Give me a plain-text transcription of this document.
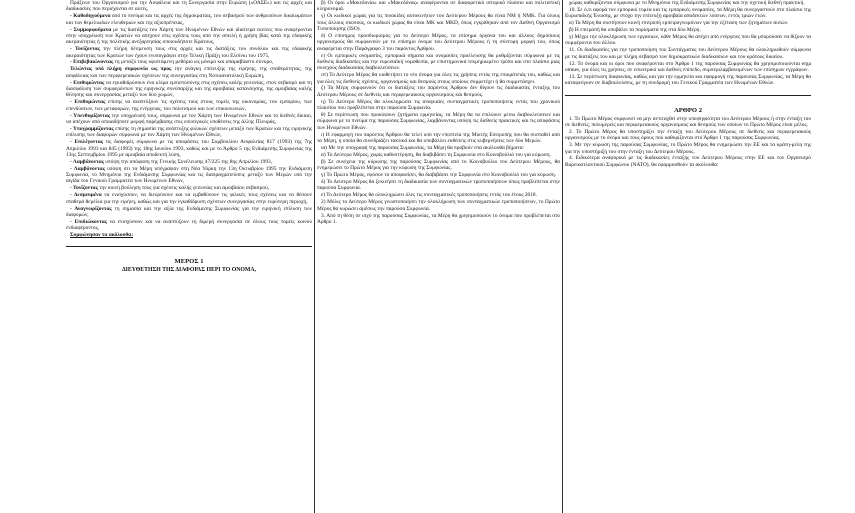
Πράξεων του Οργανισμού για την Ασφάλεια και τη Συνεργασία στην Ευρώπη («ΟΑΣΕ») και τις αρχές και διαδικασίες που περιέχονται σε αυτές,

- Καθοδηγούμενα από το πνεύμα και τις αρχές της δημοκρατίας, του σεβασμού των ανθρωπίνων δικαιωμάτων και των θεμελιωδών ελευθεριών και της αξιοπρέπειας,

- Συμμορφούμενα με τις διατάξεις του Χάρτη των Ηνωμένων Εθνών και ιδιαίτερα εκείνες που αναφέρονται στην υποχρέωση των Κρατών να απέχουν στις σχέσεις τους από την απειλή ή χρήση βίας κατά της εδαφικής ακεραιότητας ή της πολιτικής ανεξαρτησίας οποιουδήποτε Κράτους,

- Τονίζοντας την πλήρη δέσμευση τους στις αρχές και τις διατάξεις του συνόλου και της εδαφικής ακεραιότητας των Κρατών των έχουν ενυπογράψει στην Τελική Πράξη του Ελσίνκι του 1975,

- Επιβεβαιώνοντας τη μεταξύ τους υφιστάμενη μεθόριο ως μόνιμο και απαραβίαστο σύνορο,

Τελώντας υπό πλήρη συμφωνία ως προς την ανάγκη επίτευξης της ειρήνης, της σταθερότητας, της ασφάλειας και των περιφερειακών σχέσεων της συνεργασίας στη Νοτιοανατολική Ευρώπη,

- Επιθυμώντας να εγκαθιδρύσουν ένα κλίμα εμπιστοσύνης στις σχέσεις καλής γειτονίας, στον σεβασμό και τη διασφάλιση των συμφερόντων της ειρηνικής συνύπαρξης και της αμοιβαίας κατανόησης, της αμοιβαίας καλής θέλησης και συνεργασίας μεταξύ των δύο χωρών,

- Επιθυμώντας επίσης να αναπτύξουν τις σχέσεις τους στους τομείς της οικονομίας, του εμπορίου, των επενδύσεων, των μεταφορών, της ενέργειας, του πολιτισμού και των επικοινωνιών,

- Υπενθυμίζοντας την υποχρέωσή τους, σύμφωνα με τον Χάρτη των Ηνωμένων Εθνών και το διεθνές δίκαιο, να απέχουν από οποιαδήποτε μορφή παρέμβασης στις εσωτερικές υποθέσεις της άλλης Πλευράς,

- Υπογραμμίζοντας επίσης τη σημασία της ανάπτυξης φιλικών σχέσεων μεταξύ των Κρατών και της ειρηνικής επίλυσης των διαφορών σύμφωνα με τον Χάρτη των Ηνωμένων Εθνών,

- Επιλέγοντας τις διαφορές σύμφωνα με τις αποφάσεις του Συμβουλίου Ασφαλείας 817 (1993) της 7ης Απριλίου 1993 και 845 (1993) της 18ης Ιουνίου 1993, καθώς και με το Άρθρο 5 της Ενδιάμεσης Συμφωνίας της 13ης Σεπτεμβρίου 1995 με αμοιβαία αποδεκτή λύση,

- Λαμβάνοντας υπόψη την απόφαση της Γενικής Συνέλευσης 47/225 της 8ης Απριλίου 1993,

- Λαμβάνοντας υπόψη ότι τα Μέρη υπέγραψαν στη Νέα Υόρκη την 13η Οκτωβρίου 1995 την Ενδιάμεση Συμφωνία, το Μνημόνιο της Ενδιάμεσης Συμφωνίας και τις διαπραγματεύσεις μεταξύ των Μερών υπό την αιγίδα του Γενικού Γραμματέα των Ηνωμένων Εθνών,

- Τονίζοντας την κοινή βούληση τους για σχέσεις καλής γειτονίας και αμοιβαίου σεβασμού,

- Δεσμευμένα να ενισχύσουν, να διευρύνουν και να εμβαθύνουν τις φιλικές τους σχέσεις και να θέσουν σταθερά θεμέλια για την ειρήνη, καθώς και για την εγκαθίδρυση σχέσεων συνεργασίας στην ευρύτερη περιοχή,

- Αναγνωρίζοντας τη σημασία και την αξία της Ενδιάμεσης Συμφωνίας για την ειρηνική επίλυση των διαφορών,

- Επιδιώκοντας να ενισχύσουν και να αναπτύξουν τη διμερή συνεργασία σε όλους τους τομείς κοινού ενδιαφέροντος,

Συμφώνησαν τα ακόλουθα:

ΜΕΡΟΣ 1
ΔΙΕΥΘΕΤΗΣΗ ΤΗΣ ΔΙΑΦΟΡΑΣ ΠΕΡΙ ΤΟ ΟΝΟΜΑ,

β) Οι όροι «Μακεδονία» και «Μακεδόνας» αναφέρονται σε διαφορετικό ιστορικό πλαίσιο και πολιτιστική κληρονομιά.

γ) Οι κωδικοί χώρας για τις πινακίδες αυτοκινήτων του Δεύτερου Μέρους θα είναι ΝΜ ή NMK. Για όλους τους άλλους σκοπούς, οι κωδικοί χώρας θα είναι MK και MKD, όπως εγκρίθηκαν από τον Διεθνή Οργανισμό Τυποποίησης (ΙSO).

δ) Ο επίσημος προσδιορισμός για το Δεύτερο Μέρος, τα επίσημα όργανα του και άλλους δημόσιους οργανισμούς θα συμφωνούν με το επίσημο όνομα του Δεύτερου Μέρους ή τη σύντομη μορφή του, όπως αναφέρεται στην Παράγραφο 3 του παρόντος Άρθρου.

ε) Οι εμπορικές ονομασίες, εμπορικά σήματα και ονομασίες προέλευσης θα ρυθμίζονται σύμφωνα με τις διεθνείς διαδικασίες και την ευρωπαϊκή νομοθεσία, με επιστημονικά τεκμηριωμένο τρόπο και στο πλαίσιο μιας συνεχούς διαδικασίας διαβουλεύσεων.

στ) Το Δεύτερο Μέρος θα υιοθετήσει το νέο όνομα για όλες τις χρήσεις εντός της επικράτειάς του, καθώς και για όλες τις διεθνείς σχέσεις, οργανισμούς και θεσμούς στους οποίους συμμετέχει ή θα συμμετάσχει.

ζ) Τα Μέρη συμφωνούν ότι οι διατάξεις του παρόντος Άρθρου δεν θίγουν τις διαδικασίες ένταξης του Δεύτερου Μέρους σε διεθνείς και περιφερειακούς οργανισμούς και θεσμούς.

η) Το Δεύτερο Μέρος θα ολοκληρώσει τις αναγκαίες συνταγματικές τροποποιήσεις εντός του χρονικού πλαισίου που προβλέπεται στην παρούσα Συμφωνία.

θ) Σε περίπτωση που προκύψουν ζητήματα ερμηνείας, τα Μέρη θα τα επιλύουν μέσω διαβουλεύσεων και σύμφωνα με το πνεύμα της παρούσας Συμφωνίας, λαμβάνοντας υπόψη τις διεθνείς πρακτικές και τις αποφάσεις των Ηνωμένων Εθνών.

ι) Η εφαρμογή του παρόντος Άρθρου θα τελεί υπό την εποπτεία της Μικτής Επιτροπής που θα συσταθεί από τα Μέρη, η οποία θα συνεδριάζει τακτικά και θα υποβάλλει εκθέσεις στις κυβερνήσεις των δύο Μερών.

ια) Με την υπογραφή της παρούσας Συμφωνίας, τα Μέρη θα προβούν στα ακόλουθα βήματα:

α) Το Δεύτερο Μέρος, χωρίς καθυστέρηση, θα διαβιβάσει τη Συμφωνία στο Κοινοβούλιό του για κύρωση.

β) Σε συνέχεια της κύρωσης της παρούσας Συμφωνίας από το Κοινοβούλιο του Δεύτερου Μέρους, θα ενημερώσει το Πρώτο Μέρος για την κύρωση της Συμφωνίας.

γ) Το Πρώτο Μέρος, εφόσον το αποφασίσει, θα διαβιβάσει την Συμφωνία στο Κοινοβούλιό του για κύρωση.

δ) Το Δεύτερο Μέρος θα ξεκινήσει τη διαδικασία των συνταγματικών τροποποιήσεων όπως προβλέπεται στην παρούσα Συμφωνία.

ε) Το Δεύτερο Μέρος θα ολοκληρώσει όλες τις συνταγματικές τροποποιήσεις εντός του έτους 2018.

2) Μόλις το Δεύτερο Μέρος γνωστοποιήσει την ολοκλήρωση των συνταγματικών τροποποιήσεων, το Πρώτο Μέρος θα κυρώσει αμέσως την παρούσα Συμφωνία.

3. Από τη θέση σε ισχύ της παρούσας Συμφωνίας, τα Μέρη θα χρησιμοποιούν το όνομα που προβλέπεται στο Άρθρο 1.

χώρας καθορίζονται σύμφωνα με το Μνημόνιο της Ενδιάμεσης Συμφωνίας και την σχετική διεθνή πρακτική.

10. Σε ό,τι αφορά τον εμπορικό τομέα και τις εμπορικές ονομασίες, τα Μέρη θα συνεργαστούν στο πλαίσιο της Ευρωπαϊκής Ένωσης, με στόχο την επίτευξη αμοιβαία αποδεκτών λύσεων, εντός τριών ετών.

α) Τα Μέρη θα συστήσουν κοινή επιτροπή εμπειρογνωμόνων για την εξέταση των ζητημάτων αυτών.

β) Η επιτροπή θα υποβάλει τα πορίσματά της στα δύο Μέρη.

γ) Μέχρι την ολοκλήρωση των εργασιών, κάθε Μέρος θα απέχει από ενέργειες που θα μπορούσαν να θίξουν τα συμφέροντα του άλλου.

11. Οι διαδικασίες για την τροποποίηση του Συντάγματος του Δεύτερου Μέρους θα ολοκληρωθούν σύμφωνα με τις διατάξεις του και με πλήρη σεβασμό των δημοκρατικών διαδικασιών και του κράτους δικαίου.

12. Το όνομα και οι όροι που αναφέρονται στο Άρθρο 1 της παρούσας Συμφωνίας θα χρησιμοποιούνται erga omnes, για όλες τις χρήσεις, σε εσωτερικό και διεθνές επίπεδο, συμπεριλαμβανομένων των επίσημων εγγράφων.

13. Σε περίπτωση διαφωνίας, καθώς και για την ερμηνεία και εφαρμογή της παρούσας Συμφωνίας, τα Μέρη θα καταφεύγουν σε διαβουλεύσεις, με τη συνδρομή του Γενικού Γραμματέα των Ηνωμένων Εθνών.

ΑΡΘΡΟ 2

1. Το Πρώτο Μέρος συμφωνεί να μην αντιταχθεί στην υποψηφιότητα του Δεύτερου Μέρους ή στην ένταξη του σε διεθνείς, πολυμερείς και περιφερειακούς οργανισμούς και θεσμούς των οποίων το Πρώτο Μέρος είναι μέλος.

2. Το Πρώτο Μέρος θα υποστηρίξει την ένταξη του Δεύτερου Μέρους σε διεθνείς και περιφερειακούς οργανισμούς με το όνομα και τους όρους που καθορίζονται στο Άρθρο 1 της παρούσας Συμφωνίας.

3. Με την κύρωση της παρούσας Συμφωνίας, το Πρώτο Μέρος θα ενημερώσει την ΕΕ και τα κράτη-μέλη της για την υποστήριξή του στην ένταξη του Δεύτερου Μέρους.

4. Ειδικότερα αναφορικά με τις διαδικασίες ένταξης του Δεύτερου Μέρους στην ΕΕ και τον Οργανισμό Βορειοατλαντικού Συμφώνου (ΝΑΤΟ), θα εφαρμοσθούν τα ακόλουθα:
